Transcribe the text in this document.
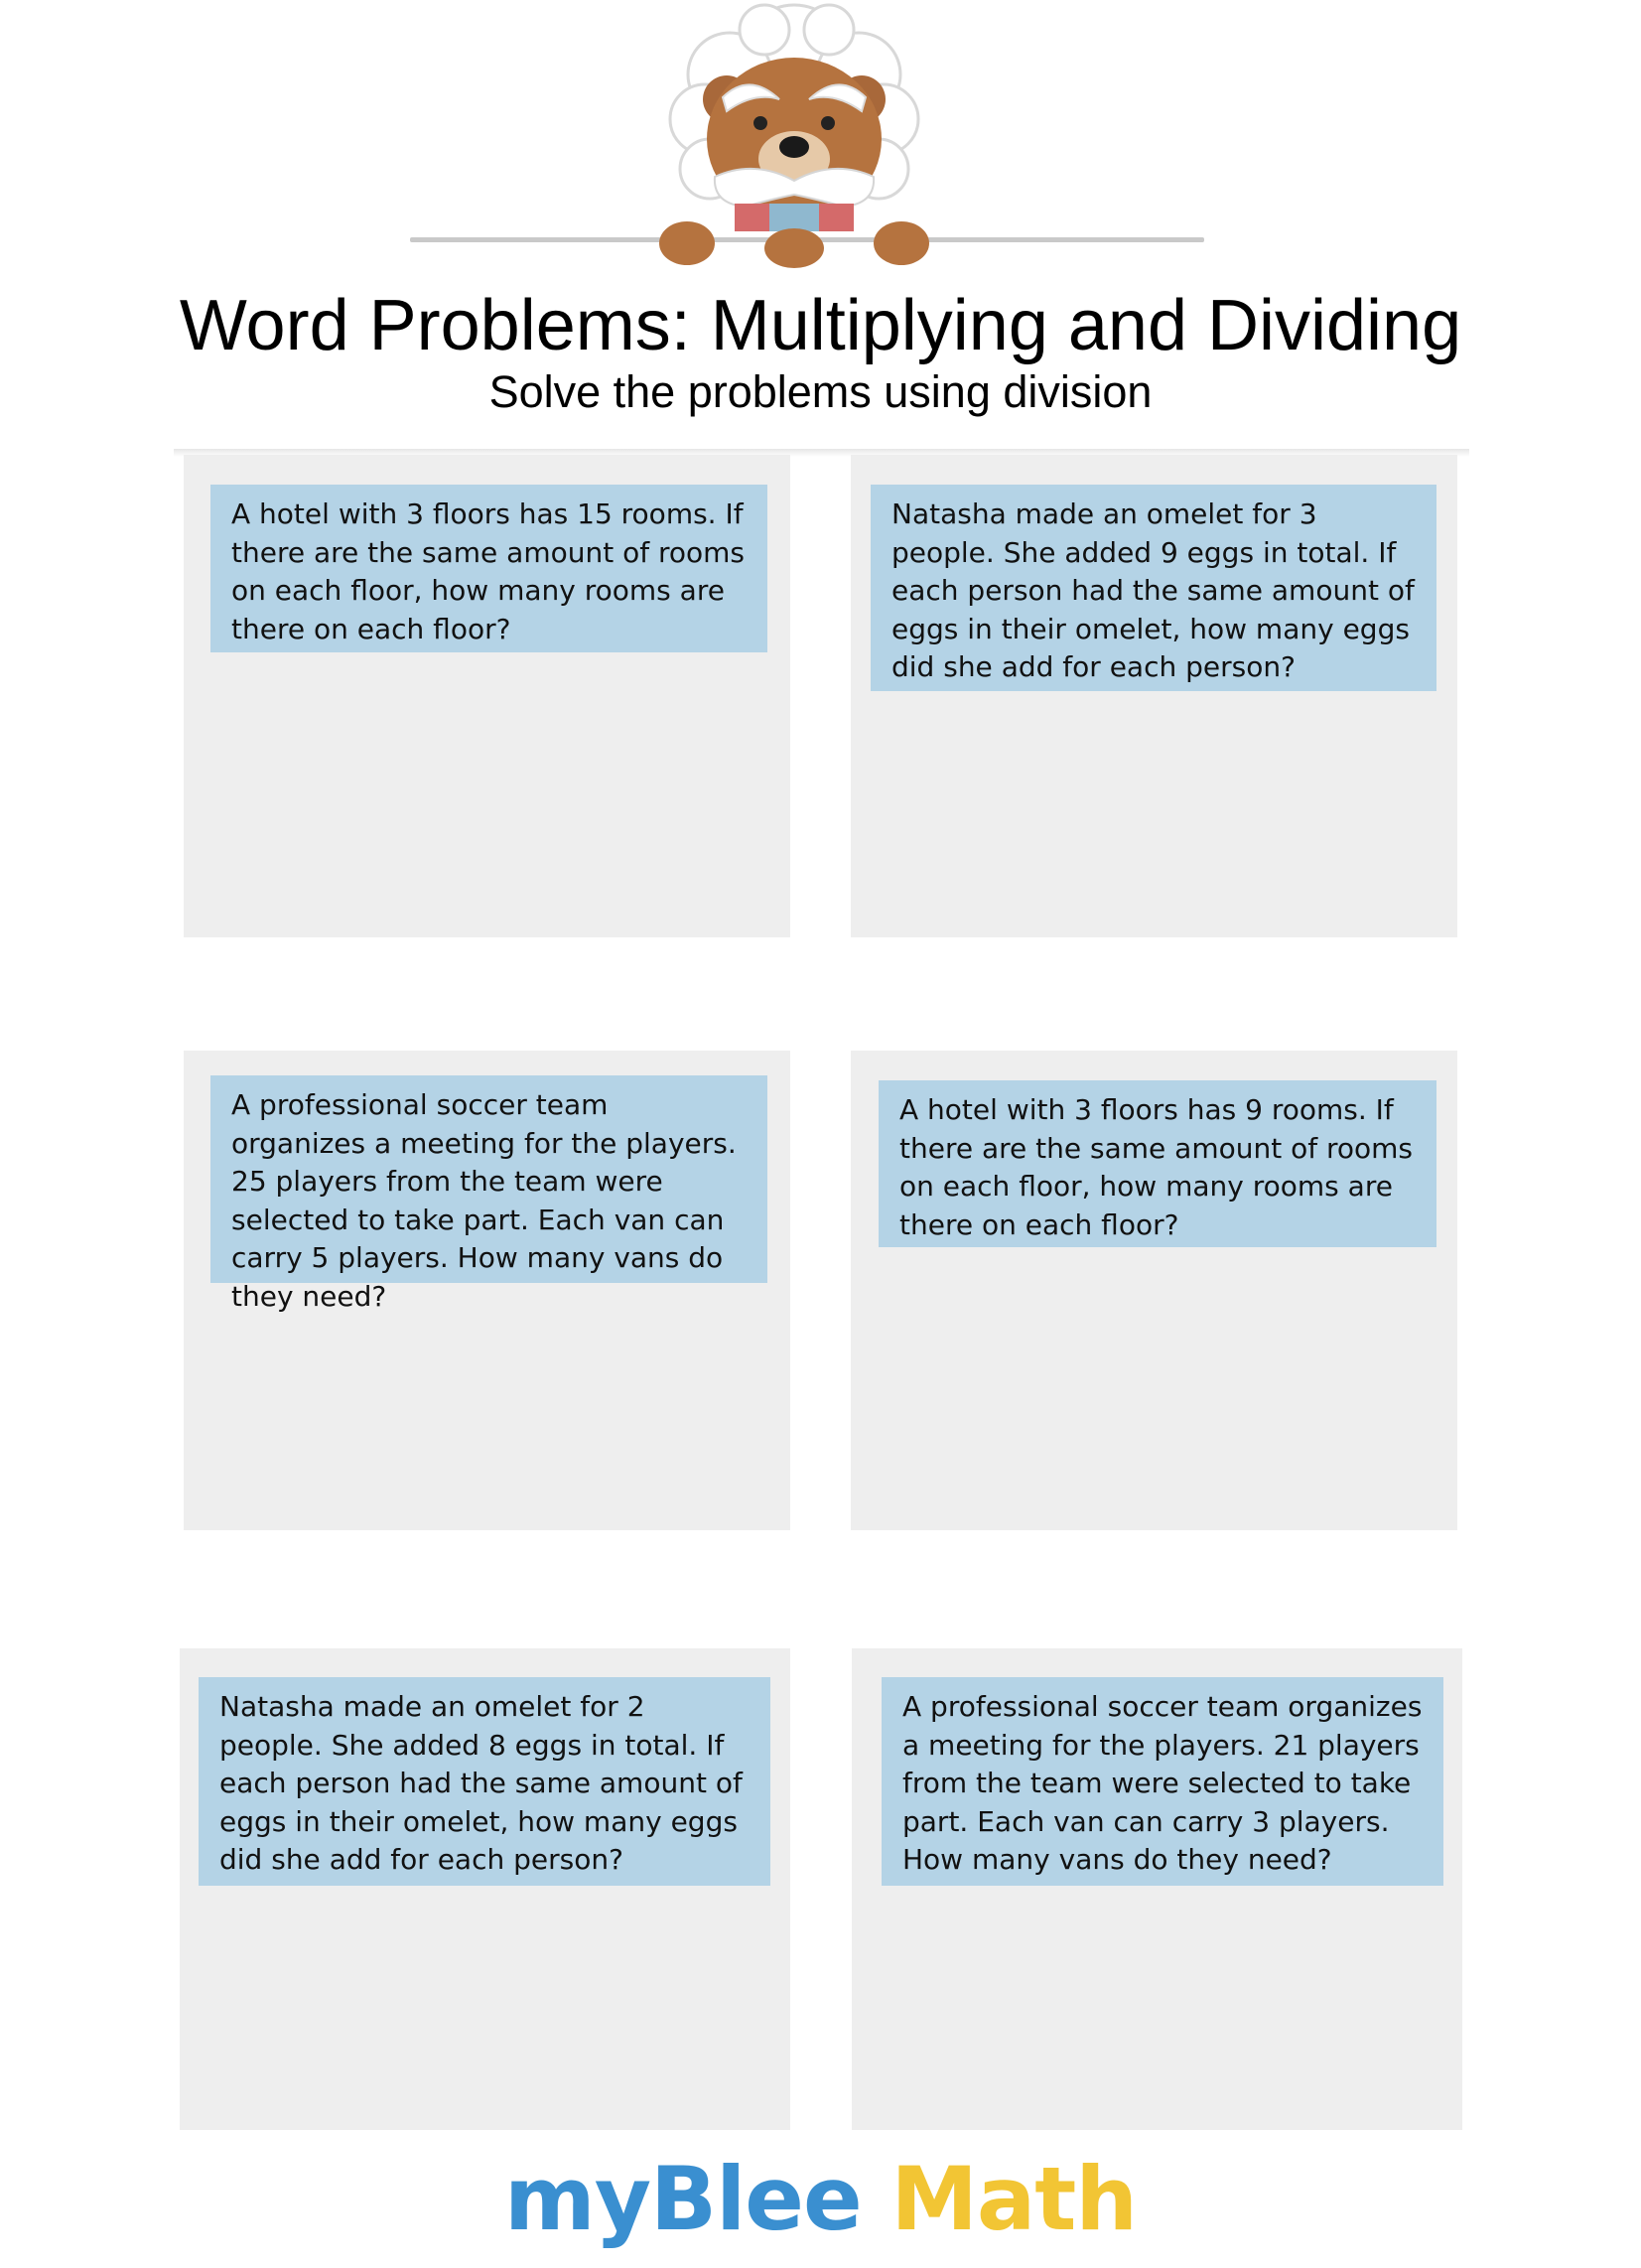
Word Problems: Multiplying and Dividing
Solve the problems using division
A hotel with 3 floors has 15 rooms. If there are the same amount of rooms on each floor, how many rooms are there on each floor?
Natasha made an omelet for 3 people. She added 9 eggs in total. If each person had the same amount of eggs in their omelet, how many eggs did she add for each person?
A professional soccer team organizes a meeting for the players. 25 players from the team were selected to take part. Each van can carry 5 players. How many vans do they need?
A hotel with 3 floors has 9 rooms. If there are the same amount of rooms on each floor, how many rooms are there on each floor?
Natasha made an omelet for 2 people. She added 8 eggs in total. If each person had the same amount of eggs in their omelet, how many eggs did she add for each person?
A professional soccer team organizes a meeting for the players. 21 players from the team were selected to take part. Each van can carry 3 players. How many vans do they need?
myBlee Math
